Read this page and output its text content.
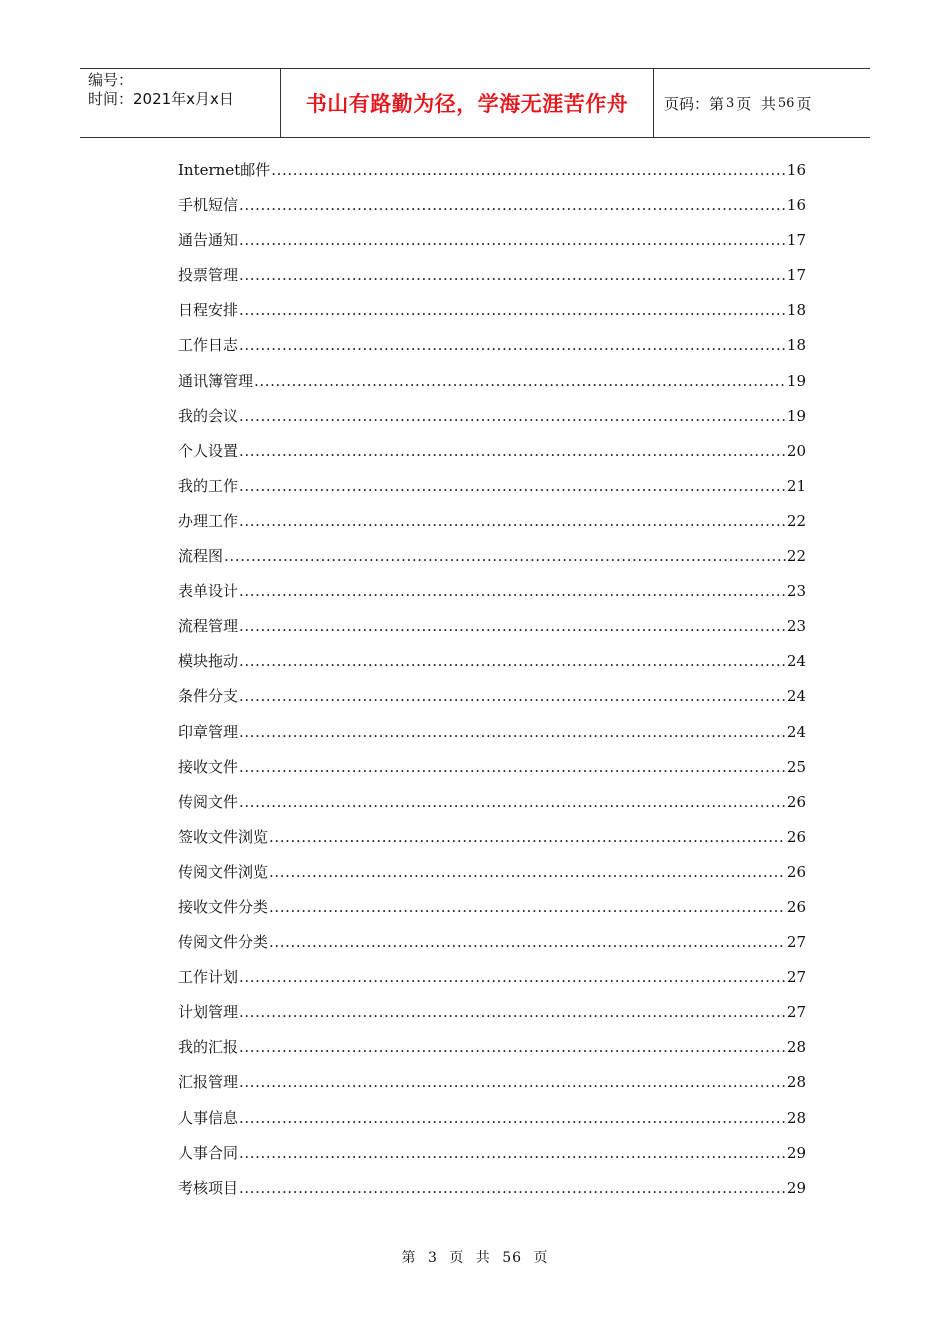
编号：
时间：2021年x月x日	书山有路勤为径，学海无涯苦作舟 页码：第 3 页  共 56 页
Internet邮件 .....	16
手机短信 .....	16
通告通知 .....	17
投票管理 .....	17
日程安排 .....	18
工作日志 .....	18
通讯簿管理 .....	19
我的会议 .....	19
个人设置 .....	20
我的工作 .....	21
办理工作 .....	22
流程图 .....	22
表单设计 .....	23
流程管理 .....	23
模块拖动 .....	24
条件分支 .....	24
印章管理 .....	24
接收文件 .....	25
传阅文件 .....	26
签收文件浏览 .....	26
传阅文件浏览 .....	26
接收文件分类 .....	26
传阅文件分类 .....	27
工作计划 .....	27
计划管理 .....	27
我的汇报 .....	28
汇报管理 .....	28
人事信息 .....	28
人事合同 .....	29
考核项目 .....	29
第 3 页 共 56 页
